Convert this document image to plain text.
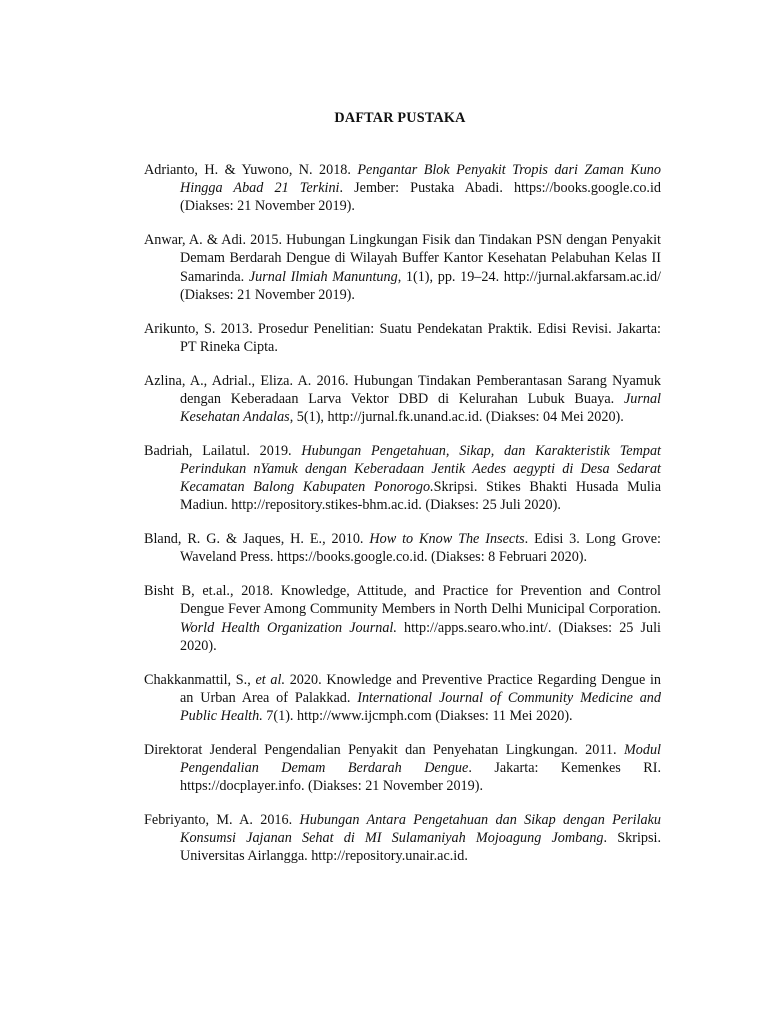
DAFTAR PUSTAKA

Adrianto, H. & Yuwono, N. 2018. Pengantar Blok Penyakit Tropis dari Zaman Kuno Hingga Abad 21 Terkini. Jember: Pustaka Abadi. https://books.google.co.id (Diakses: 21 November 2019).

Anwar, A. & Adi. 2015. Hubungan Lingkungan Fisik dan Tindakan PSN dengan Penyakit Demam Berdarah Dengue di Wilayah Buffer Kantor Kesehatan Pelabuhan Kelas II Samarinda. Jurnal Ilmiah Manuntung, 1(1), pp. 19–24. http://jurnal.akfarsam.ac.id/ (Diakses: 21 November 2019).

Arikunto, S. 2013. Prosedur Penelitian: Suatu Pendekatan Praktik. Edisi Revisi. Jakarta: PT Rineka Cipta.

Azlina, A., Adrial., Eliza. A. 2016. Hubungan Tindakan Pemberantasan Sarang Nyamuk dengan Keberadaan Larva Vektor DBD di Kelurahan Lubuk Buaya. Jurnal Kesehatan Andalas, 5(1), http://jurnal.fk.unand.ac.id. (Diakses: 04 Mei 2020).

Badriah, Lailatul. 2019. Hubungan Pengetahuan, Sikap, dan Karakteristik Tempat Perindukan nYamuk dengan Keberadaan Jentik Aedes aegypti di Desa Sedarat Kecamatan Balong Kabupaten Ponorogo.Skripsi. Stikes Bhakti Husada Mulia Madiun. http://repository.stikes-bhm.ac.id. (Diakses: 25 Juli 2020).

Bland, R. G. & Jaques, H. E., 2010. How to Know The Insects. Edisi 3. Long Grove: Waveland Press. https://books.google.co.id. (Diakses: 8 Februari 2020).

Bisht B, et.al., 2018. Knowledge, Attitude, and Practice for Prevention and Control Dengue Fever Among Community Members in North Delhi Municipal Corporation. World Health Organization Journal. http://apps.searo.who.int/. (Diakses: 25 Juli 2020).

Chakkanmattil, S., et al. 2020. Knowledge and Preventive Practice Regarding Dengue in an Urban Area of Palakkad. International Journal of Community Medicine and Public Health. 7(1). http://www.ijcmph.com (Diakses: 11 Mei 2020).

Direktorat Jenderal Pengendalian Penyakit dan Penyehatan Lingkungan. 2011. Modul Pengendalian Demam Berdarah Dengue. Jakarta: Kemenkes RI. https://docplayer.info. (Diakses: 21 November 2019).

Febriyanto, M. A. 2016. Hubungan Antara Pengetahuan dan Sikap dengan Perilaku Konsumsi Jajanan Sehat di MI Sulamaniyah Mojoagung Jombang. Skripsi. Universitas Airlangga. http://repository.unair.ac.id.
